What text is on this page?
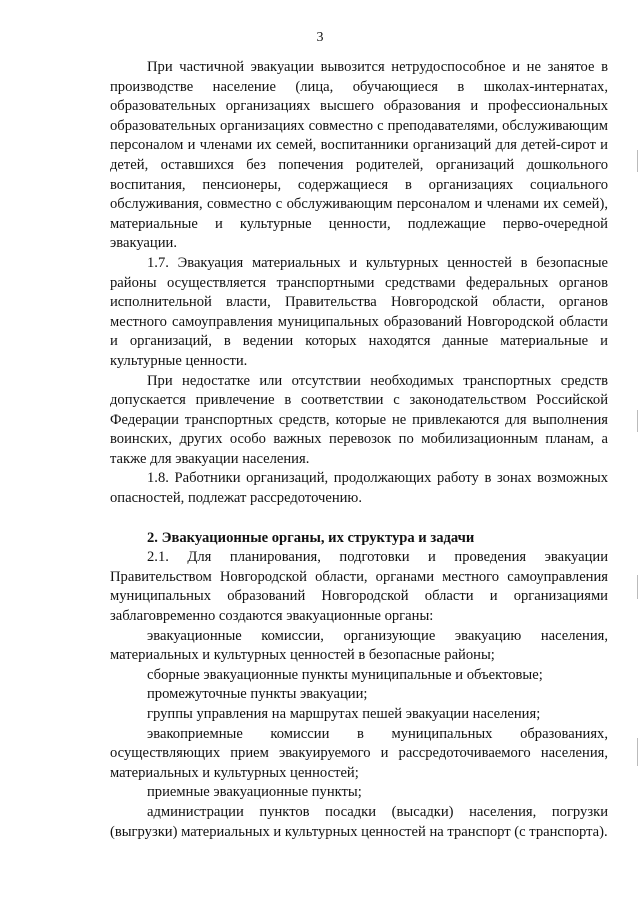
3

При частичной эвакуации вывозится нетрудоспособное и не занятое в производстве население (лица, обучающиеся в школах-интернатах, образовательных организациях высшего образования и профессиональных образовательных организациях совместно с преподавателями, обслуживающим персоналом и членами их семей, воспитанники организаций для детей-сирот и детей, оставшихся без попечения родителей, организаций дошкольного воспитания, пенсионеры, содержащиеся в организациях социального обслуживания, совместно с обслуживающим персоналом и членами их семей), материальные и культурные ценности, подлежащие перво-очередной эвакуации.

1.7. Эвакуация материальных и культурных ценностей в безопасные районы осуществляется транспортными средствами федеральных органов исполнительной власти, Правительства Новгородской области, органов местного самоуправления муниципальных образований Новгородской области и организаций, в ведении которых находятся данные материальные и культурные ценности.

При недостатке или отсутствии необходимых транспортных средств допускается привлечение в соответствии с законодательством Российской Федерации транспортных средств, которые не привлекаются для выполнения воинских, других особо важных перевозок по мобилизационным планам, а также для эвакуации населения.

1.8. Работники организаций, продолжающих работу в зонах возможных опасностей, подлежат рассредоточению.

2. Эвакуационные органы, их структура и задачи

2.1. Для планирования, подготовки и проведения эвакуации Правительством Новгородской области, органами местного самоуправления муниципальных образований Новгородской области и организациями заблаговременно создаются эвакуационные органы:

эвакуационные комиссии, организующие эвакуацию населения, материальных и культурных ценностей в безопасные районы;

сборные эвакуационные пункты муниципальные и объектовые;

промежуточные пункты эвакуации;

группы управления на маршрутах пешей эвакуации населения;

эвакоприемные комиссии в муниципальных образованиях, осуществляющих прием эвакуируемого и рассредоточиваемого населения, материальных и культурных ценностей;

приемные эвакуационные пункты;

администрации пунктов посадки (высадки) населения, погрузки (выгрузки) материальных и культурных ценностей на транспорт (с транспорта).
